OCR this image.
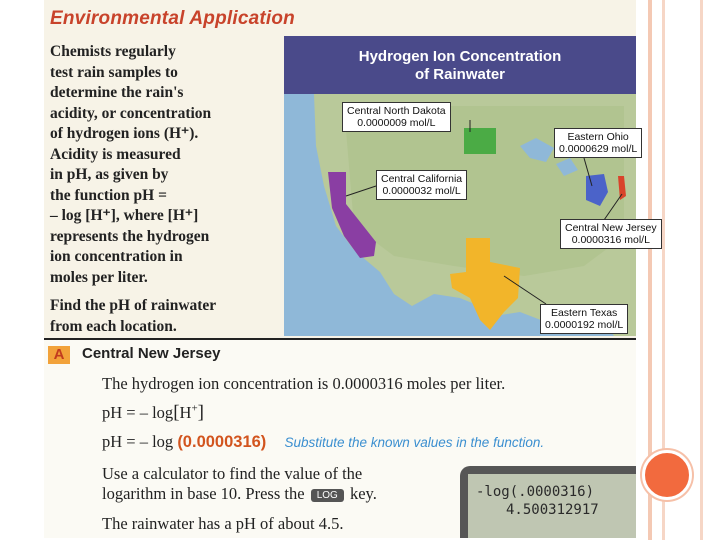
Environmental Application

Chemists regularly
test rain samples to
determine the rain's
acidity, or concentration
of hydrogen ions (H⁺).
Acidity is measured
in pH, as given by
the function pH =
– log [H⁺], where [H⁺]
represents the hydrogen
ion concentration in
moles per liter.

Find the pH of rainwater
from each location.

Hydrogen Ion Concentration
of Rainwater
Central North Dakota
0.0000009 mol/L
Eastern Ohio
0.0000629 mol/L
Central California
0.0000032 mol/L
Central New Jersey
0.0000316 mol/L
Eastern Texas
0.0000192 mol/L
A	Central New Jersey
The hydrogen ion concentration is 0.0000316 moles per liter.
pH = – log[H+]
pH = – log (0.0000316) Substitute the known values in the function.
Use a calculator to find the value of the
logarithm in base 10. Press the LOG key.
The rainwater has a pH of about 4.5.
-log(.0000316)
4.500312917
